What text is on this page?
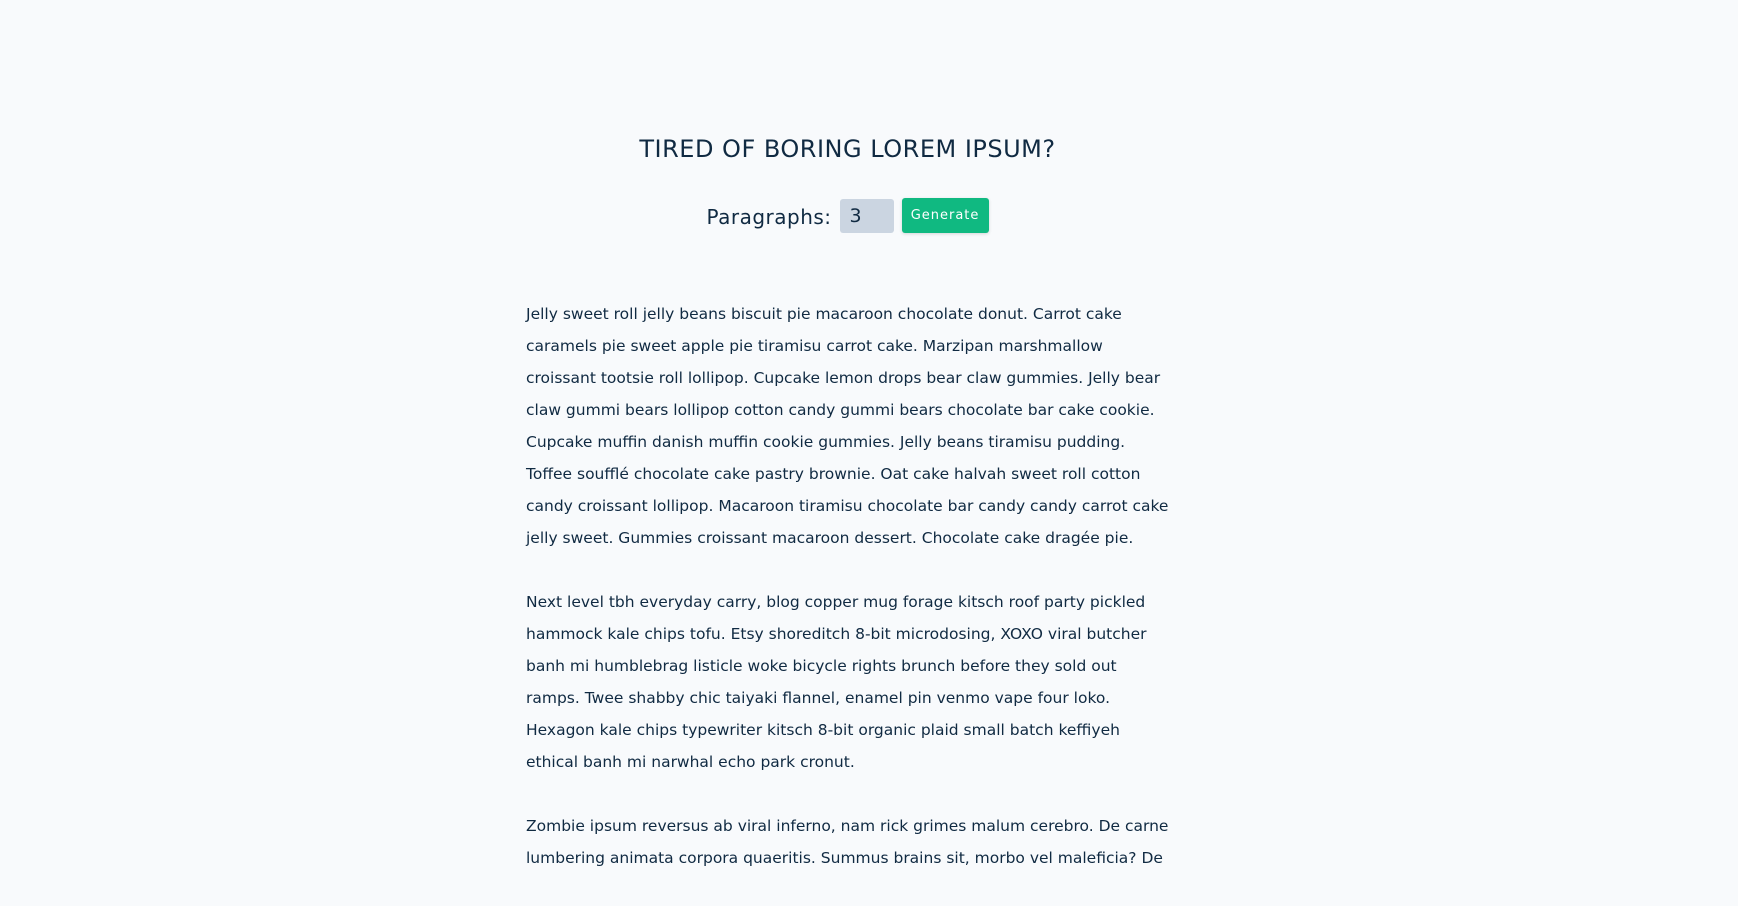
TIRED OF BORING LOREM IPSUM?
Paragraphs:
3	Generate

Jelly sweet roll jelly beans biscuit pie macaroon chocolate donut. Carrot cake caramels pie sweet apple pie tiramisu carrot cake. Marzipan marshmallow croissant tootsie roll lollipop. Cupcake lemon drops bear claw gummies. Jelly bear claw gummi bears lollipop cotton candy gummi bears chocolate bar cake cookie. Cupcake muffin danish muffin cookie gummies. Jelly beans tiramisu pudding. Toffee soufflé chocolate cake pastry brownie. Oat cake halvah sweet roll cotton candy croissant lollipop. Macaroon tiramisu chocolate bar candy candy carrot cake jelly sweet. Gummies croissant macaroon dessert. Chocolate cake dragée pie.

Next level tbh everyday carry, blog copper mug forage kitsch roof party pickled hammock kale chips tofu. Etsy shoreditch 8-bit microdosing, XOXO viral butcher banh mi humblebrag listicle woke bicycle rights brunch before they sold out ramps. Twee shabby chic taiyaki flannel, enamel pin venmo vape four loko. Hexagon kale chips typewriter kitsch 8-bit organic plaid small batch keffiyeh ethical banh mi narwhal echo park cronut.

Zombie ipsum reversus ab viral inferno, nam rick grimes malum cerebro. De carne lumbering animata corpora quaeritis. Summus brains sit, morbo vel maleficia? De
